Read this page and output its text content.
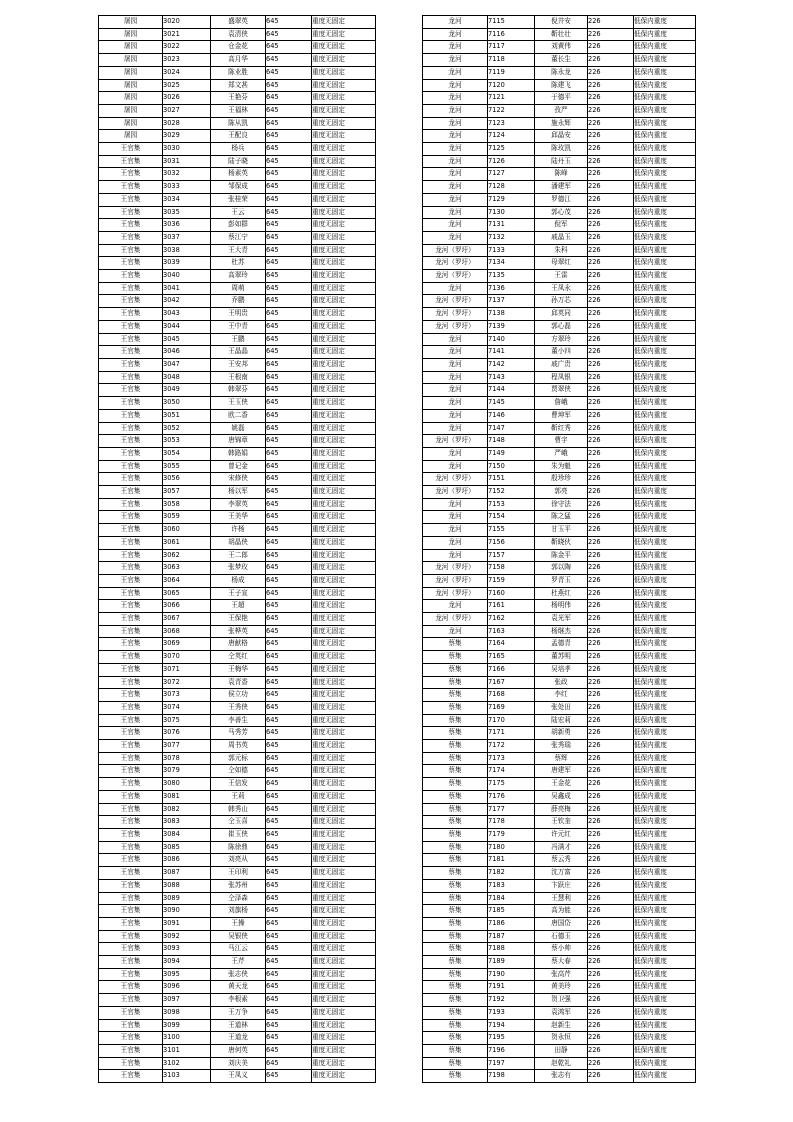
屠园	3020	盛翠英	645	重度无固定
屠园	3021	袁清侠	645	重度无固定
屠园	3022	仓金花	645	重度无固定
屠园	3023	高月华	645	重度无固定
屠园	3024	陈业胜	645	重度无固定
屠园	3025	郑文甚	645	重度无固定
屠园	3026	王艳芬	645	重度无固定
屠园	3027	王福林	645	重度无固定
屠园	3028	陈从凯	645	重度无固定
屠园	3029	王配良	645	重度无固定
王官集	3030	杨兵	645	重度无固定
王官集	3031	陆子晓	645	重度无固定
王官集	3032	杨素英	645	重度无固定
王官集	3033	邹保成	645	重度无固定
王官集	3034	张桂荣	645	重度无固定
王官集	3035	王云	645	重度无固定
王官集	3036	彭如群	645	重度无固定
王官集	3037	蔡江宁	645	重度无固定
王官集	3038	王大青	645	重度无固定
王官集	3039	杜苏	645	重度无固定
王官集	3040	高翠玲	645	重度无固定
王官集	3041	周萌	645	重度无固定
王官集	3042	乔鹏	645	重度无固定
王官集	3043	王明贵	645	重度无固定
王官集	3044	王中青	645	重度无固定
王官集	3045	王鹏	645	重度无固定
王官集	3046	王晶晶	645	重度无固定
王官集	3047	王安邦	645	重度无固定
王官集	3048	王根南	645	重度无固定
王官集	3049	韩翠芬	645	重度无固定
王官集	3050	王玉侠	645	重度无固定
王官集	3051	欧二香	645	重度无固定
王官集	3052	姚磊	645	重度无固定
王官集	3053	唐锦章	645	重度无固定
王官集	3054	韩路娟	645	重度无固定
王官集	3055	曾记金	645	重度无固定
王官集	3056	宋修侠	645	重度无固定
王官集	3057	杨以军	645	重度无固定
王官集	3058	李翠英	645	重度无固定
王官集	3059	王美华	645	重度无固定
王官集	3060	许杨	645	重度无固定
王官集	3061	胡晶侠	645	重度无固定
王官集	3062	王二郎	645	重度无固定
王官集	3063	张梦玫	645	重度无固定
王官集	3064	杨成	645	重度无固定
王官集	3065	王子宣	645	重度无固定
王官集	3066	王超	645	重度无固定
王官集	3067	王保艳	645	重度无固定
王官集	3068	张桦英	645	重度无固定
王官集	3069	唐献格	645	重度无固定
王官集	3070	仝英红	645	重度无固定
王官集	3071	王梅华	645	重度无固定
王官集	3072	袁青香	645	重度无固定
王官集	3073	侯立功	645	重度无固定
王官集	3074	王秀侠	645	重度无固定
王官集	3075	李善生	645	重度无固定
王官集	3076	马秀芳	645	重度无固定
王官集	3077	周书英	645	重度无固定
王官集	3078	郭元标	645	重度无固定
王官集	3079	仝如德	645	重度无固定
王官集	3080	王信发	645	重度无固定
王官集	3081	王莉	645	重度无固定
王官集	3082	韩秀山	645	重度无固定
王官集	3083	仝玉喜	645	重度无固定
王官集	3084	崔玉侠	645	重度无固定
王官集	3085	陈徐鼎	645	重度无固定
王官集	3086	刘亮从	645	重度无固定
王官集	3087	王印利	645	重度无固定
王官集	3088	张苏州	645	重度无固定
王官集	3089	仝泽森	645	重度无固定
王官集	3090	刘旗杨	645	重度无固定
王官集	3091	王操	645	重度无固定
王官集	3092	吴银侠	645	重度无固定
王官集	3093	马江云	645	重度无固定
王官集	3094	王芹	645	重度无固定
王官集	3095	张志侠	645	重度无固定
王官集	3096	黄天龙	645	重度无固定
王官集	3097	李根素	645	重度无固定
王官集	3098	王万争	645	重度无固定
王官集	3099	王道林	645	重度无固定
王官集	3100	王道龙	645	重度无固定
王官集	3101	唐何英	645	重度无固定
王官集	3102	刘庆美	645	重度无固定
王官集	3103	王凤义	645	重度无固定
龙河	7115	倪井安	226	低保内重度
龙河	7116	靳壮壮	226	低保内重度
龙河	7117	刘黄伟	226	低保内重度
龙河	7118	董长生	226	低保内重度
龙河	7119	陈永龙	226	低保内重度
龙河	7120	陈建飞	226	低保内重度
龙河	7121	于德平	226	低保内重度
龙河	7122	孜严	226	低保内重度
龙河	7123	施永辉	226	低保内重度
龙河	7124	邱晶安	226	低保内重度
龙河	7125	陈玫凯	226	低保内重度
龙河	7126	陆丹玉	226	低保内重度
龙河	7127	陈峰	226	低保内重度
龙河	7128	潘建军	226	低保内重度
龙河	7129	罗德江	226	低保内重度
龙河	7130	郭心茂	226	低保内重度
龙河	7131	倪军	226	低保内重度
龙河	7132	戚晶玉	226	低保内重度
龙河（罗圩）	7133	朱科	226	低保内重度
龙河（罗圩）	7134	母翠红	226	低保内重度
龙河（罗圩）	7135	王雷	226	低保内重度
龙河	7136	王凤永	226	低保内重度
龙河（罗圩）	7137	孙万芯	226	低保内重度
龙河（罗圩）	7138	邱英同	226	低保内重度
龙河（罗圩）	7139	郭心磊	226	低保内重度
龙河	7140	方翠玲	226	低保内重度
龙河	7141	董小四	226	低保内重度
龙河	7142	戚广贵	226	低保内重度
龙河	7143	程凤银	226	低保内重度
龙河	7144	贾翠侠	226	低保内重度
龙河	7145	詹峨	226	低保内重度
龙河	7146	曹坤军	226	低保内重度
龙河	7147	靳红秀	226	低保内重度
龙河（罗圩）	7148	曹宇	226	低保内重度
龙河	7149	严峨	226	低保内重度
龙河	7150	朱为魁	226	低保内重度
龙河（罗圩）	7151	殷珍珍	226	低保内重度
龙河（罗圩）	7152	郭亮	226	低保内重度
龙河	7153	徐守法	226	低保内重度
龙河	7154	陈之猛	226	低保内重度
龙河	7155	甘玉平	226	低保内重度
龙河	7156	靳晓伙	226	低保内重度
龙河	7157	陈金平	226	低保内重度
龙河（罗圩）	7158	郭以陶	226	低保内重度
龙河（罗圩）	7159	罗青玉	226	低保内重度
龙河（罗圩）	7160	杜燕红	226	低保内重度
龙河	7161	杨明伟	226	低保内重度
龙河（罗圩）	7162	袁光军	226	低保内重度
龙河	7163	杨继杰	226	低保内重度
蔡集	7164	孟德青	226	低保内重度
蔡集	7165	董苏明	226	低保内重度
蔡集	7166	吴培孝	226	低保内重度
蔡集	7167	张政	226	低保内重度
蔡集	7168	李红	226	低保内重度
蔡集	7169	张处田	226	低保内重度
蔡集	7170	陆宏莉	226	低保内重度
蔡集	7171	胡新勇	226	低保内重度
蔡集	7172	张秀瑞	226	低保内重度
蔡集	7173	蔡辉	226	低保内重度
蔡集	7174	唐建军	226	低保内重度
蔡集	7175	王金花	226	低保内重度
蔡集	7176	吴鑫成	226	低保内重度
蔡集	7177	薛亮梅	226	低保内重度
蔡集	7178	王钦奎	226	低保内重度
蔡集	7179	许元红	226	低保内重度
蔡集	7180	冯满才	226	低保内重度
蔡集	7181	蔡云秀	226	低保内重度
蔡集	7182	沈万富	226	低保内重度
蔡集	7183	卞跃庄	226	低保内重度
蔡集	7184	王慧利	226	低保内重度
蔡集	7185	高为能	226	低保内重度
蔡集	7186	唐国岱	226	低保内重度
蔡集	7187	石德玉	226	低保内重度
蔡集	7188	蔡小帅	226	低保内重度
蔡集	7189	蔡大春	226	低保内重度
蔡集	7190	张高芹	226	低保内重度
蔡集	7191	黄美玲	226	低保内重度
蔡集	7192	贺卫强	226	低保内重度
蔡集	7193	袁鸿军	226	低保内重度
蔡集	7194	赵新生	226	低保内重度
蔡集	7195	贺永恒	226	低保内重度
蔡集	7196	田静	226	低保内重度
蔡集	7197	赵乾礼	226	低保内重度
蔡集	7198	张志有	226	低保内重度
